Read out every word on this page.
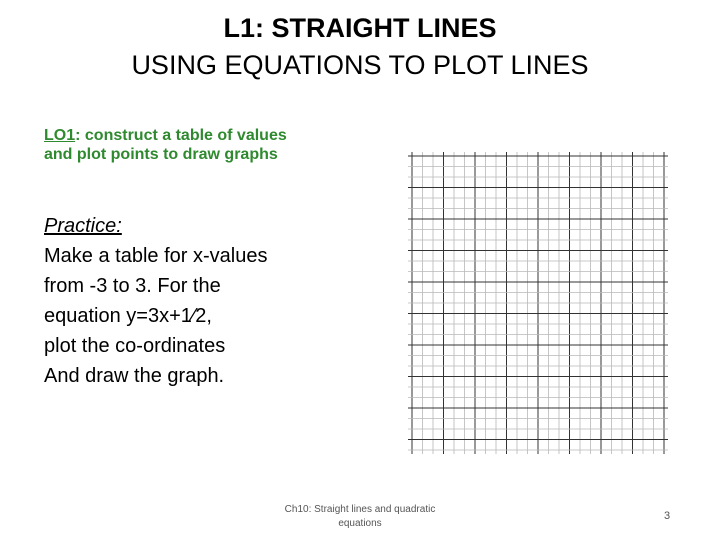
L1: STRAIGHT LINES
USING EQUATIONS TO PLOT LINES
LO1: construct a table of values
and plot points to draw graphs
Practice:
Make a table for x-values
from -3 to 3. For the
equation y=3x+1⁄2,
plot the co-ordinates
And draw the graph.
Ch10: Straight lines and quadratic
equations
3
